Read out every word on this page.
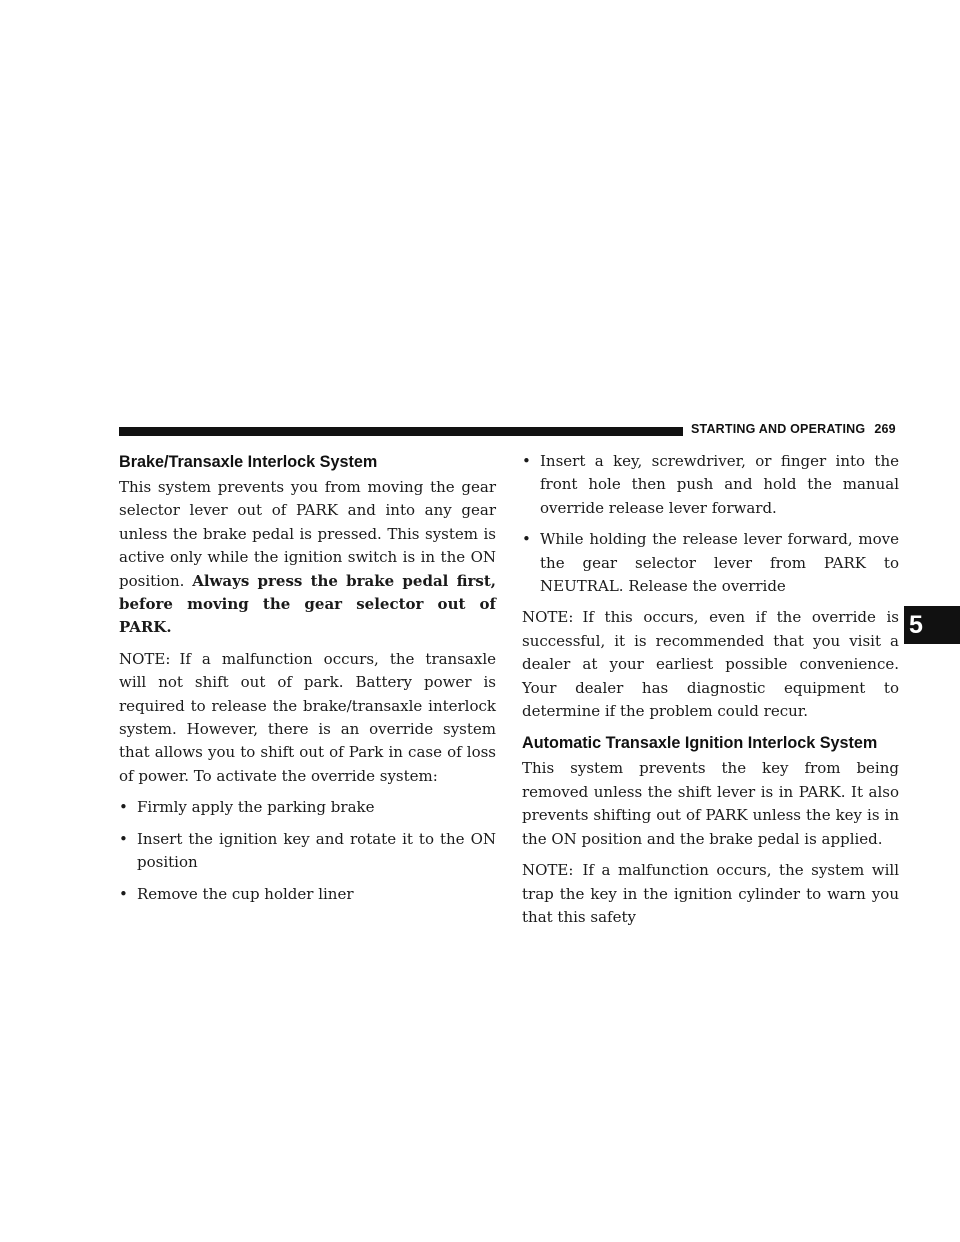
STARTING AND OPERATING 269
5
Brake/Transaxle Interlock System

This system prevents you from moving the gear selector lever out of PARK and into any gear unless the brake pedal is pressed. This system is active only while the ignition switch is in the ON position. Always press the brake pedal first, before moving the gear selector out of PARK.

NOTE: If a malfunction occurs, the transaxle will not shift out of park. Battery power is required to release the brake/transaxle interlock system. However, there is an override system that allows you to shift out of Park in case of loss of power. To activate the override system:

• Firmly apply the parking brake
• Insert the ignition key and rotate it to the ON position
• Remove the cup holder liner
• Insert a key, screwdriver, or finger into the front hole then push and hold the manual override release lever forward.
• While holding the release lever forward, move the gear selector lever from PARK to NEUTRAL. Release the override

NOTE: If this occurs, even if the override is successful, it is recommended that you visit a dealer at your earliest possible convenience. Your dealer has diagnostic equipment to determine if the problem could recur.

Automatic Transaxle Ignition Interlock System

This system prevents the key from being removed unless the shift lever is in PARK. It also prevents shifting out of PARK unless the key is in the ON position and the brake pedal is applied.

NOTE: If a malfunction occurs, the system will trap the key in the ignition cylinder to warn you that this safety
